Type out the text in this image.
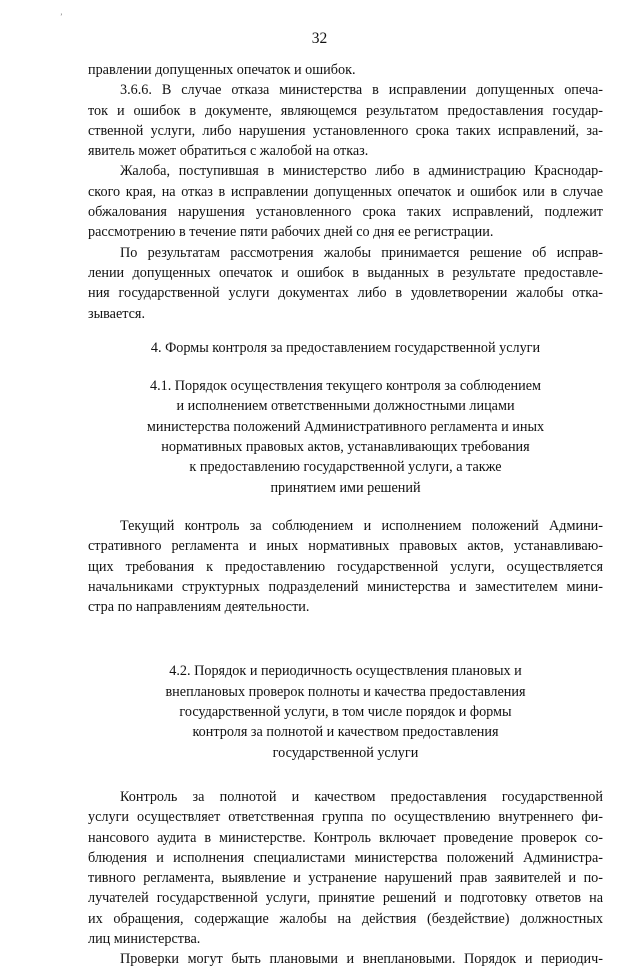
ʼ
32
правлении допущенных опечаток и ошибок.
3.6.6. В случае отказа министерства в исправлении допущенных опеча-
ток и ошибок в документе, являющемся результатом предоставления государ-
ственной услуги, либо нарушения установленного срока таких исправлений, за-
явитель может обратиться с жалобой на отказ.
Жалоба, поступившая в министерство либо в администрацию Краснодар-
ского края, на отказ в исправлении допущенных опечаток и ошибок или в случае
обжалования нарушения установленного срока таких исправлений, подлежит
рассмотрению в течение пяти рабочих дней со дня ее регистрации.
По результатам рассмотрения жалобы принимается решение об исправ-
лении допущенных опечаток и ошибок в выданных в результате предоставле-
ния государственной услуги документах либо в удовлетворении жалобы отка-
зывается.
4. Формы контроля за предоставлением государственной услуги
4.1. Порядок осуществления текущего контроля за соблюдением
и исполнением ответственными должностными лицами
министерства положений Административного регламента и иных
нормативных правовых актов, устанавливающих требования
к предоставлению государственной услуги, а также
принятием ими решений
Текущий контроль за соблюдением и исполнением положений Админи-
стративного регламента и иных нормативных правовых актов, устанавливаю-
щих требования к предоставлению государственной услуги, осуществляется
начальниками структурных подразделений министерства и заместителем мини-
стра по направлениям деятельности.
4.2. Порядок и периодичность осуществления плановых и
внеплановых проверок полноты и качества предоставления
государственной услуги, в том числе порядок и формы
контроля за полнотой и качеством предоставления
государственной услуги
Контроль за полнотой и качеством предоставления государственной
услуги осуществляет ответственная группа по осуществлению внутреннего фи-
нансового аудита в министерстве. Контроль включает проведение проверок со-
блюдения и исполнения специалистами министерства положений Администра-
тивного регламента, выявление и устранение нарушений прав заявителей и по-
лучателей государственной услуги, принятие решений и подготовку ответов на
их обращения, содержащие жалобы на действия (бездействие) должностных
лиц министерства.
Проверки могут быть плановыми и внеплановыми. Порядок и периодич-
